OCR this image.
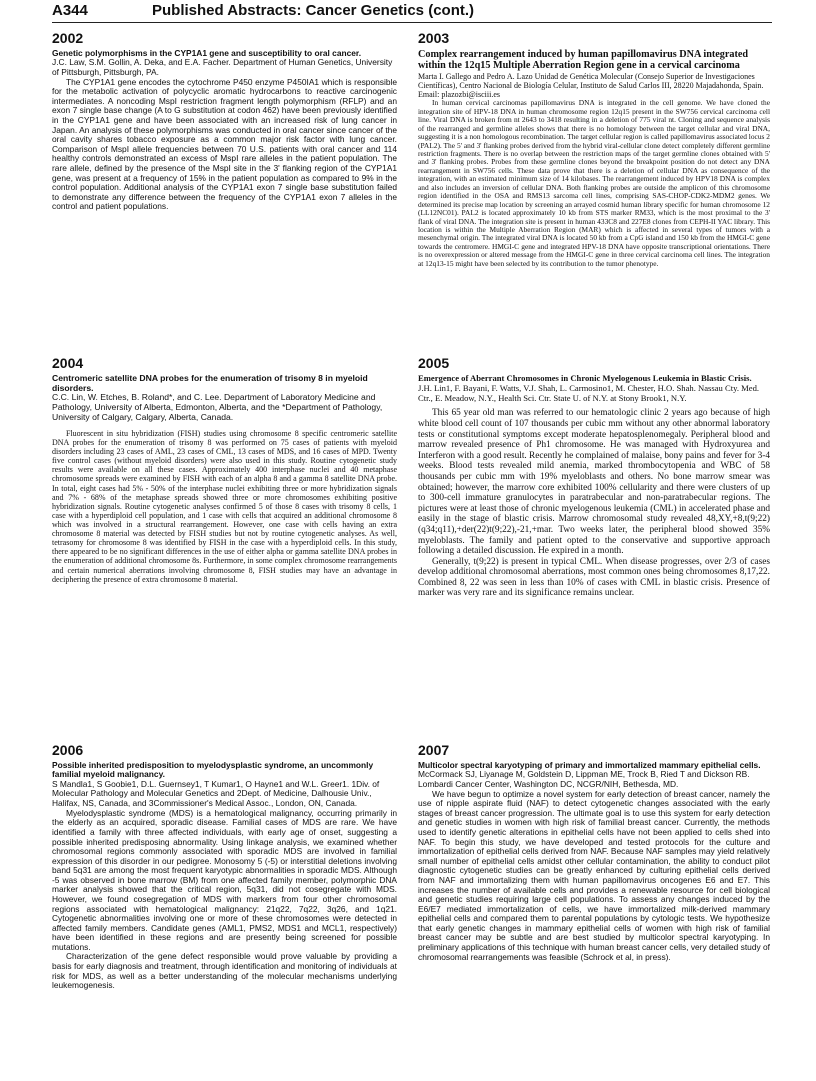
A344	Published Abstracts: Cancer Genetics (cont.)
2002
Genetic polymorphisms in the CYP1A1 gene and susceptibility to oral cancer.
J.C. Law, S.M. Gollin, A. Deka, and E.A. Facher. Department of Human Genetics, University of Pittsburgh, Pittsburgh, PA.

The CYP1A1 gene encodes the cytochrome P450 enzyme P450IA1 which is responsible for the metabolic activation of polycyclic aromatic hydrocarbons to reactive carcinogenic intermediates. A noncoding MspI restriction fragment length polymorphism (RFLP) and an exon 7 single base change (A to G substitution at codon 462) have been previously identified in the CYP1A1 gene and have been associated with an increased risk of lung cancer in Japan. An analysis of these polymorphisms was conducted in oral cancer since cancer of the oral cavity shares tobacco exposure as a common major risk factor with lung cancer. Comparison of MspI allele frequencies between 70 U.S. patients with oral cancer and 114 healthy controls demonstrated an excess of MspI rare alleles in the patient population. The rare allele, defined by the presence of the MspI site in the 3' flanking region of the CYP1A1 gene, was present at a frequency of 15% in the patient population as compared to 9% in the control population. Additional analysis of the CYP1A1 exon 7 single base substitution failed to demonstrate any difference between the frequency of the CYP1A1 exon 7 alleles in the control and patient populations.

2003
Complex rearrangement induced by human papillomavirus DNA integrated within the 12q15 Multiple Aberration Region gene in a cervical carcinoma
Marta I. Gallego and Pedro A. Lazo Unidad de Genética Molecular (Consejo Superior de Investigaciones Científicas), Centro Nacional de Biología Celular, Instituto de Salud Carlos III, 28220 Majadahonda, Spain. Email: plazozbi@isciii.es

In human cervical carcinomas papillomavirus DNA is integrated in the cell genome. We have cloned the integration site of HPV-18 DNA in human chromosome region 12q15 present in the SW756 cervical carcinoma cell line. Viral DNA is broken from nt 2643 to 3418 resulting in a deletion of 775 viral nt. Cloning and sequence analysis of the rearranged and germline alleles shows that there is no homology between the target cellular and viral DNA, suggesting it is a non homologous recombination. The target cellular region is called papillomavirus associated locus 2 (PAL2). The 5' and 3' flanking probes derived from the hybrid viral-cellular clone detect completely different germline restriction fragments. There is no overlap between the restriction maps of the target germline clones obtained with 5' and 3' flanking probes. Probes from these germline clones beyond the breakpoint position do not detect any DNA rearrangement in SW756 cells. These data prove that there is a deletion of cellular DNA as consequence of the integration, with an estimated minimum size of 14 kilobases. The rearrangement induced by HPV18 DNA is complex and also includes an inversion of cellular DNA. Both flanking probes are outside the amplicon of this chromosome region identified in the OSA and RMS13 sarcoma cell lines, comprising SAS-CHOP-CDK2-MDM2 genes. We determined its precise map location by screening an arrayed cosmid human library specific for human chromosome 12 (LL12NC01). PAL2 is located approximately 10 kb from STS marker RM33, which is the most proximal to the 3' flank of viral DNA. The integration site is present in human 433C8 and 227E8 clones from CEPH-II YAC library. This location is within the Multiple Aberration Region (MAR) which is affected in several types of tumors with a mesenchymal origin. The integrated viral DNA is located 50 kb from a CpG island and 150 kb from the HMGI-C gene towards the centromere. HMGI-C gene and integrated HPV-18 DNA have opposite transcriptional orientations. There is no overexpression or altered message from the HMGI-C gene in three cervical carcinoma cell lines. The integration at 12q13-15 might have been selected by its contribution to the tumor phenotype.

2004
Centromeric satellite DNA probes for the enumeration of trisomy 8 in myeloid disorders.
C.C. Lin, W. Etches, B. Roland*, and C. Lee. Department of Laboratory Medicine and Pathology, University of Alberta, Edmonton, Alberta, and the *Department of Pathology, University of Calgary, Calgary, Alberta, Canada.

Fluorescent in situ hybridization (FISH) studies using chromosome 8 specific centromeric satellite DNA probes for the enumeration of trisomy 8 was performed on 75 cases of patients with myeloid disorders including 23 cases of AML, 23 cases of CML, 13 cases of MDS, and 16 cases of MPD. Twenty five control cases (without myeloid disorders) were also used in this study. Routine cytogenetic study results were available on all these cases. Approximately 400 interphase nuclei and 40 metaphase chromosome spreads were examined by FISH with each of an alpha 8 and a gamma 8 satellite DNA probe. In total, eight cases had 5% - 50% of the interphase nuclei exhibiting three or more hybridization signals and 7% - 68% of the metaphase spreads showed three or more chromosomes exhibiting positive hybridization signals. Routine cytogenetic analyses confirmed 5 of those 8 cases with trisomy 8 cells, 1 case with a hyperdiploid cell population, and 1 case with cells that acquired an additional chromosome 8 which was involved in a structural rearrangement. However, one case with cells having an extra chromosome 8 material was detected by FISH studies but not by routine cytogenetic analyses. As well, tetrasomy for chromosome 8 was identified by FISH in the case with a hyperdiploid cells. In this study, there appeared to be no significant differences in the use of either alpha or gamma satellite DNA probes in the enumeration of additional chromosome 8s. Furthermore, in some complex chromosome rearrangements and certain numerical aberrations involving chromosome 8, FISH studies may have an advantage in deciphering the presence of extra chromosome 8 material.

2005
Emergence of Aberrant Chromosomes in Chronic Myelogenous Leukemia in Blastic Crisis.
J.H. Lin1, F. Bayani, F. Watts, V.J. Shah, L. Carmosino1, M. Chester, H.O. Shah. Nassau Cty. Med. Ctr., E. Meadow, N.Y., Health Sci. Ctr. State U. of N.Y. at Stony Brook1, N.Y.

This 65 year old man was referred to our hematologic clinic 2 years ago because of high white blood cell count of 107 thousands per cubic mm without any other abnormal laboratory tests or constitutional symptoms except moderate hepatosplenomegaly. Peripheral blood and marrow revealed presence of Ph1 chromosome. He was managed with Hydroxyurea and Interferon with a good result. Recently he complained of malaise, bony pains and fever for 3-4 weeks. Blood tests revealed mild anemia, marked thrombocytopenia and WBC of 58 thousands per cubic mm with 19% myeloblasts and others. No bone marrow smear was obtained; however, the marrow core exhibited 100% cellularity and there were clusters of up to 300-cell immature granulocytes in paratrabecular and non-paratrabecular regions. The pictures were at least those of chronic myelogenous leukemia (CML) in accelerated phase and easily in the stage of blastic crisis. Marrow chromosomal study revealed 48,XY,+8,t(9;22)(q34;q11),+der(22)t(9;22),-21,+mar. Two weeks later, the peripheral blood showed 35% myeloblasts. The family and patient opted to the conservative and supportive approach following a detailed discussion. He expired in a month.

Generally, t(9;22) is present in typical CML. When disease progresses, over 2/3 of cases develop additional chromosomal aberrations, most common ones being chromosomes 8,17,22. Combined 8, 22 was seen in less than 10% of cases with CML in blastic crisis. Presence of marker was very rare and its significance remains unclear.

2006
Possible inherited predisposition to myelodysplastic syndrome, an uncommonly familial myeloid malignancy.
S Mandla1, S Goobie1, D.L. Guernsey1, T Kumar1, O Hayne1 and W.L. Greer1. 1Div. of Molecular Pathology and Molecular Genetics and 2Dept. of Medicine, Dalhousie Univ., Halifax, NS, Canada, and 3Commissioner's Medical Assoc., London, ON, Canada.

Myelodysplastic syndrome (MDS) is a hematological malignancy, occurring primarily in the elderly as an acquired, sporadic disease. Familial cases of MDS are rare. We have identified a family with three affected individuals, with early age of onset, suggesting a possible inherited predisposing abnormality. Using linkage analysis, we examined whether chromosomal regions commonly associated with sporadic MDS are involved in familial expression of this disorder in our pedigree. Monosomy 5 (-5) or interstitial deletions involving band 5q31 are among the most frequent karyotypic abnormalities in sporadic MDS. Although -5 was observed in bone marrow (BM) from one affected family member, polymorphic DNA marker analysis showed that the critical region, 5q31, did not cosegregate with MDS. However, we found cosegregation of MDS with markers from four other chromosomal regions associated with hematological malignancy: 21q22, 7q22, 3q26, and 1q21. Cytogenetic abnormalities involving one or more of these chromosomes were detected in affected family members. Candidate genes (AML1, PMS2, MDS1 and MCL1, respectively) have been identified in these regions and are presently being screened for possible mutations.

Characterization of the gene defect responsible would prove valuable by providing a basis for early diagnosis and treatment, through identification and monitoring of individuals at risk for MDS, as well as a better understanding of the molecular mechanisms underlying leukemogenesis.

2007
Multicolor spectral karyotyping of primary and immortalized mammary epithelial cells.
McCormack SJ, Liyanage M, Goldstein D, Lippman ME, Trock B, Ried T and Dickson RB. Lombardi Cancer Center, Washington DC, NCGR/NIH, Bethesda, MD.

We have begun to optimize a novel system for early detection of breast cancer, namely the use of nipple aspirate fluid (NAF) to detect cytogenetic changes associated with the early stages of breast cancer progression. The ultimate goal is to use this system for early detection and genetic studies in women with high risk of familial breast cancer. Currently, the methods used to identify genetic alterations in epithelial cells have not been applied to cells shed into NAF. To begin this study, we have developed and tested protocols for the culture and immortalization of epithelial cells derived from NAF. Because NAF samples may yield relatively small number of epithelial cells amidst other cellular contamination, the ability to conduct pilot diagnostic cytogenetic studies can be greatly enhanced by culturing epithelial cells derived from NAF and immortalizing them with human papillomavirus oncogenes E6 and E7. This increases the number of available cells and provides a renewable resource for cell biological and genetic studies requiring large cell populations. To assess any changes induced by the E6/E7 mediated immortalization of cells, we have immortalized milk-derived mammary epithelial cells and compared them to parental populations by cytologic tests. We hypothesize that early genetic changes in mammary epithelial cells of women with high risk of familial breast cancer may be subtle and are best studied by multicolor spectral karyotyping. In preliminary applications of this technique with human breast cancer cells, very detailed study of chromosomal rearrangements was feasible (Schrock et al, in press).
